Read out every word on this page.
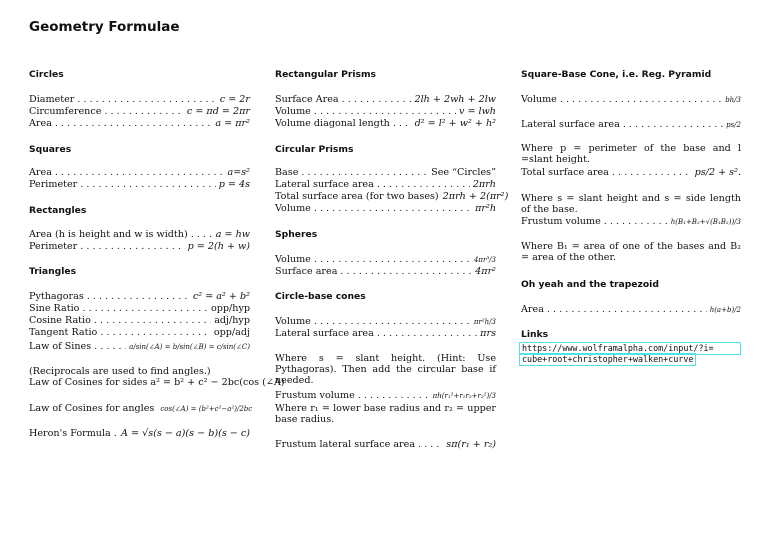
Geometry Formulae
Circles
Diameter . . .	c = 2r
Circumference . . .	c = πd = 2πr
Area . . .	a = πr²
Squares
Area . . .	a=s²
Perimeter . . .	p = 4s
Rectangles
Area (h is height and w is width) . . .	a = hw
Perimeter . . .	p = 2(h + w)
Triangles
Pythagoras . . .	c² = a² + b²
Sine Ratio . . .	opp/hyp
Cosine Ratio . . .	adj/hyp
Tangent Ratio . . .	opp/adj
Law of Sines . . .	a/sin(∠A) = b/sin(∠B) = c/sin(∠C)
(Reciprocals are used to find angles.)
Law of Cosines for sides a² = b² + c² − 2bc(cos (∠A)
Law of Cosines for angles cos(∠A) = (b²+c²−a²)/2bc
Heron's Formula . . . A = √s(s − a)(s − b)(s − c)
Rectangular Prisms
Surface Area . . .	2lh + 2wh + 2lw
Volume . . .	v = lwh
Volume diagonal length . . .	d² = l² + w² + h²
Circular Prisms
Base . . .	See “Circles”
Lateral surface area . . .	2πrh
Total surface area (for two bases) 2πrh + 2(πr²)
Volume . . .	πr²h
Spheres
Volume . . .	4πr³/3
Surface area . . .	4πr²
Circle-base cones
Volume . . .	πr²h/3
Lateral surface area . . .	πrs
Where s = slant height. (Hint: Use Pythagoras). Then add the circular base if needed.
Frustum volume . . .	πh(r₁²+r₁r₂+r₂²)/3
Where r₁ = lower base radius and r₂ = upper base radius.
Frustum lateral surface area . . .	sπ(r₁ + r₂)
Square-Base Cone, i.e. Reg. Pyramid
Volume . . .	bh/3
Lateral surface area . . .	ps/2
Where p = perimeter of the base and l =slant height.
Total surface area . . .	ps/2 + s².
Where s = slant height and s = side length of the base.
Frustum volume . . .	h(B₁+B₂+√(B₁B₂))/3
Where B₁ = area of one of the bases and B₂ = area of the other.
Oh yeah and the trapezoid
Area . . .	h(a+b)/2
Links
https://www.wolframalpha.com/input/?i=
cube+root+christopher+walken+curve
